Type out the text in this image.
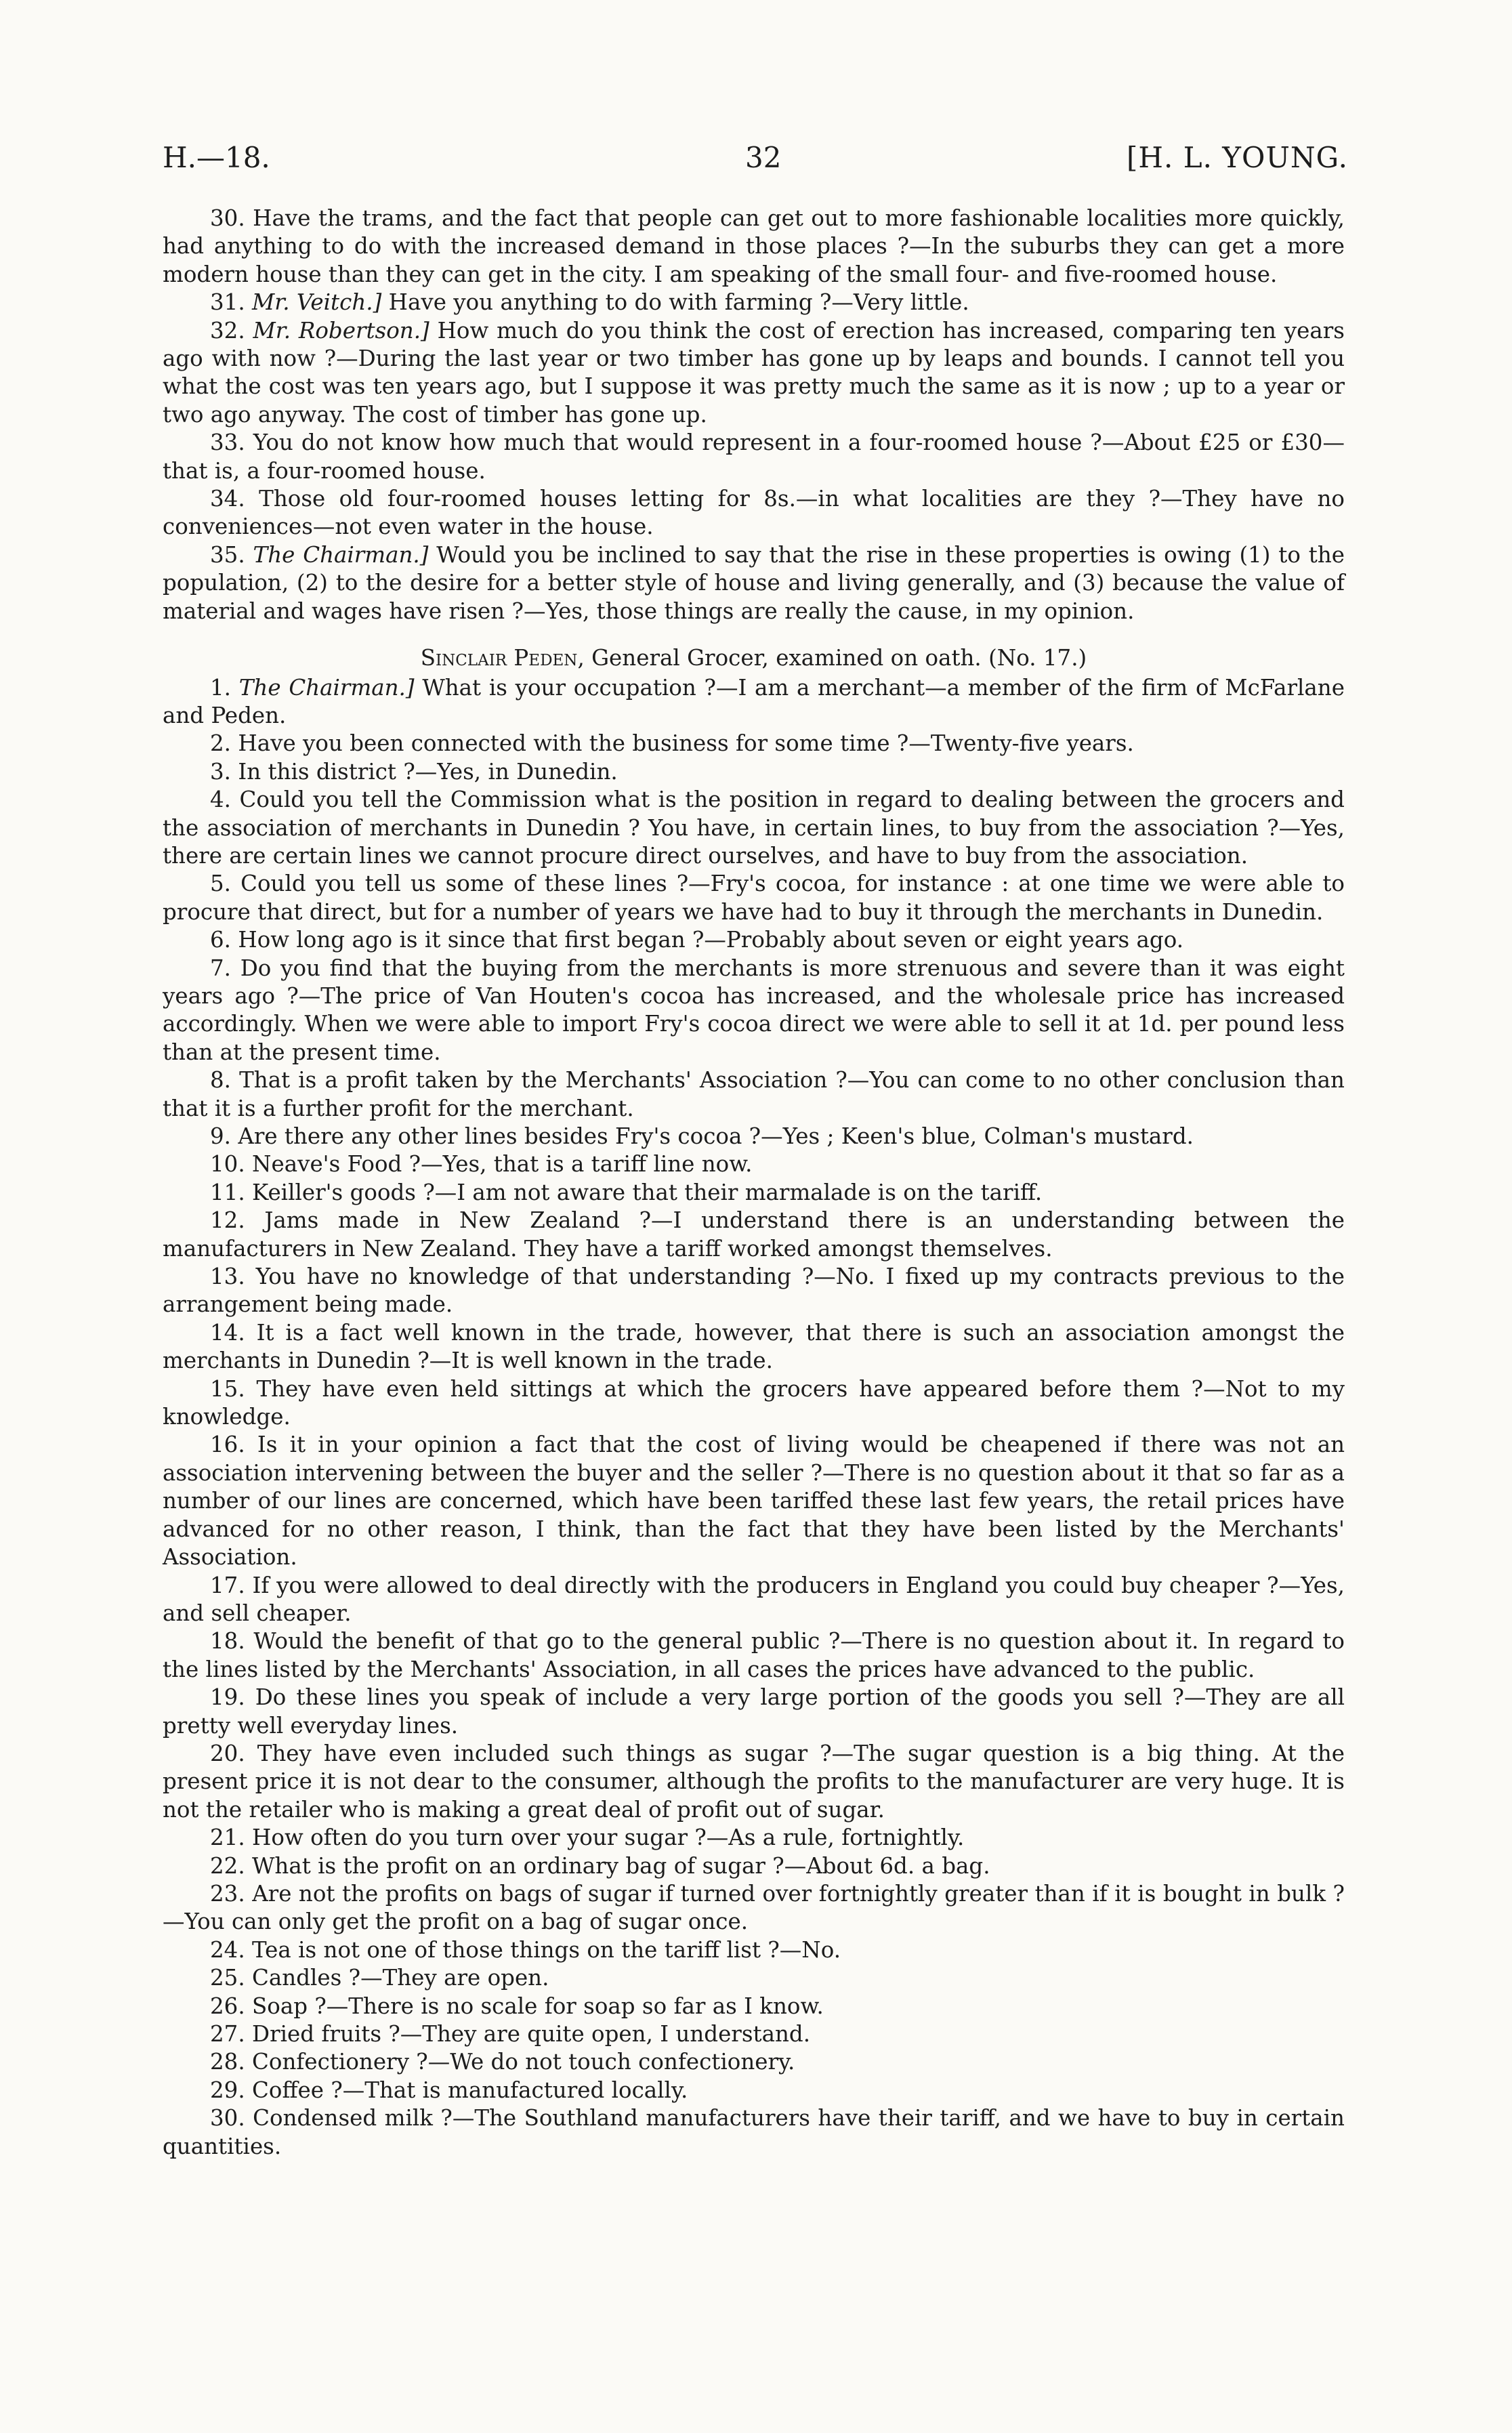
H.—18.	32	[H. L. YOUNG.

30. Have the trams, and the fact that people can get out to more fashionable localities more quickly, had anything to do with the increased demand in those places ?—In the suburbs they can get a more modern house than they can get in the city. I am speaking of the small four- and five-roomed house.

31. Mr. Veitch.] Have you anything to do with farming ?—Very little.

32. Mr. Robertson.] How much do you think the cost of erection has increased, comparing ten years ago with now ?—During the last year or two timber has gone up by leaps and bounds. I cannot tell you what the cost was ten years ago, but I suppose it was pretty much the same as it is now ; up to a year or two ago anyway. The cost of timber has gone up.

33. You do not know how much that would represent in a four-roomed house ?—About £25 or £30—that is, a four-roomed house.

34. Those old four-roomed houses letting for 8s.—in what localities are they ?—They have no conveniences—not even water in the house.

35. The Chairman.] Would you be inclined to say that the rise in these properties is owing (1) to the population, (2) to the desire for a better style of house and living generally, and (3) because the value of material and wages have risen ?—Yes, those things are really the cause, in my opinion.

Sinclair Peden, General Grocer, examined on oath. (No. 17.)

1. The Chairman.] What is your occupation ?—I am a merchant—a member of the firm of McFarlane and Peden.

2. Have you been connected with the business for some time ?—Twenty-five years.

3. In this district ?—Yes, in Dunedin.

4. Could you tell the Commission what is the position in regard to dealing between the grocers and the association of merchants in Dunedin ? You have, in certain lines, to buy from the association ?—Yes, there are certain lines we cannot procure direct ourselves, and have to buy from the association.

5. Could you tell us some of these lines ?—Fry's cocoa, for instance : at one time we were able to procure that direct, but for a number of years we have had to buy it through the merchants in Dunedin.

6. How long ago is it since that first began ?—Probably about seven or eight years ago.

7. Do you find that the buying from the merchants is more strenuous and severe than it was eight years ago ?—The price of Van Houten's cocoa has increased, and the wholesale price has increased accordingly. When we were able to import Fry's cocoa direct we were able to sell it at 1d. per pound less than at the present time.

8. That is a profit taken by the Merchants' Association ?—You can come to no other conclusion than that it is a further profit for the merchant.

9. Are there any other lines besides Fry's cocoa ?—Yes ; Keen's blue, Colman's mustard.

10. Neave's Food ?—Yes, that is a tariff line now.

11. Keiller's goods ?—I am not aware that their marmalade is on the tariff.

12. Jams made in New Zealand ?—I understand there is an understanding between the manufacturers in New Zealand. They have a tariff worked amongst themselves.

13. You have no knowledge of that understanding ?—No. I fixed up my contracts previous to the arrangement being made.

14. It is a fact well known in the trade, however, that there is such an association amongst the merchants in Dunedin ?—It is well known in the trade.

15. They have even held sittings at which the grocers have appeared before them ?—Not to my knowledge.

16. Is it in your opinion a fact that the cost of living would be cheapened if there was not an association intervening between the buyer and the seller ?—There is no question about it that so far as a number of our lines are concerned, which have been tariffed these last few years, the retail prices have advanced for no other reason, I think, than the fact that they have been listed by the Merchants' Association.

17. If you were allowed to deal directly with the producers in England you could buy cheaper ?—Yes, and sell cheaper.

18. Would the benefit of that go to the general public ?—There is no question about it. In regard to the lines listed by the Merchants' Association, in all cases the prices have advanced to the public.

19. Do these lines you speak of include a very large portion of the goods you sell ?—They are all pretty well everyday lines.

20. They have even included such things as sugar ?—The sugar question is a big thing. At the present price it is not dear to the consumer, although the profits to the manufacturer are very huge. It is not the retailer who is making a great deal of profit out of sugar.

21. How often do you turn over your sugar ?—As a rule, fortnightly.

22. What is the profit on an ordinary bag of sugar ?—About 6d. a bag.

23. Are not the profits on bags of sugar if turned over fortnightly greater than if it is bought in bulk ?—You can only get the profit on a bag of sugar once.

24. Tea is not one of those things on the tariff list ?—No.

25. Candles ?—They are open.

26. Soap ?—There is no scale for soap so far as I know.

27. Dried fruits ?—They are quite open, I understand.

28. Confectionery ?—We do not touch confectionery.

29. Coffee ?—That is manufactured locally.

30. Condensed milk ?—The Southland manufacturers have their tariff, and we have to buy in certain quantities.
